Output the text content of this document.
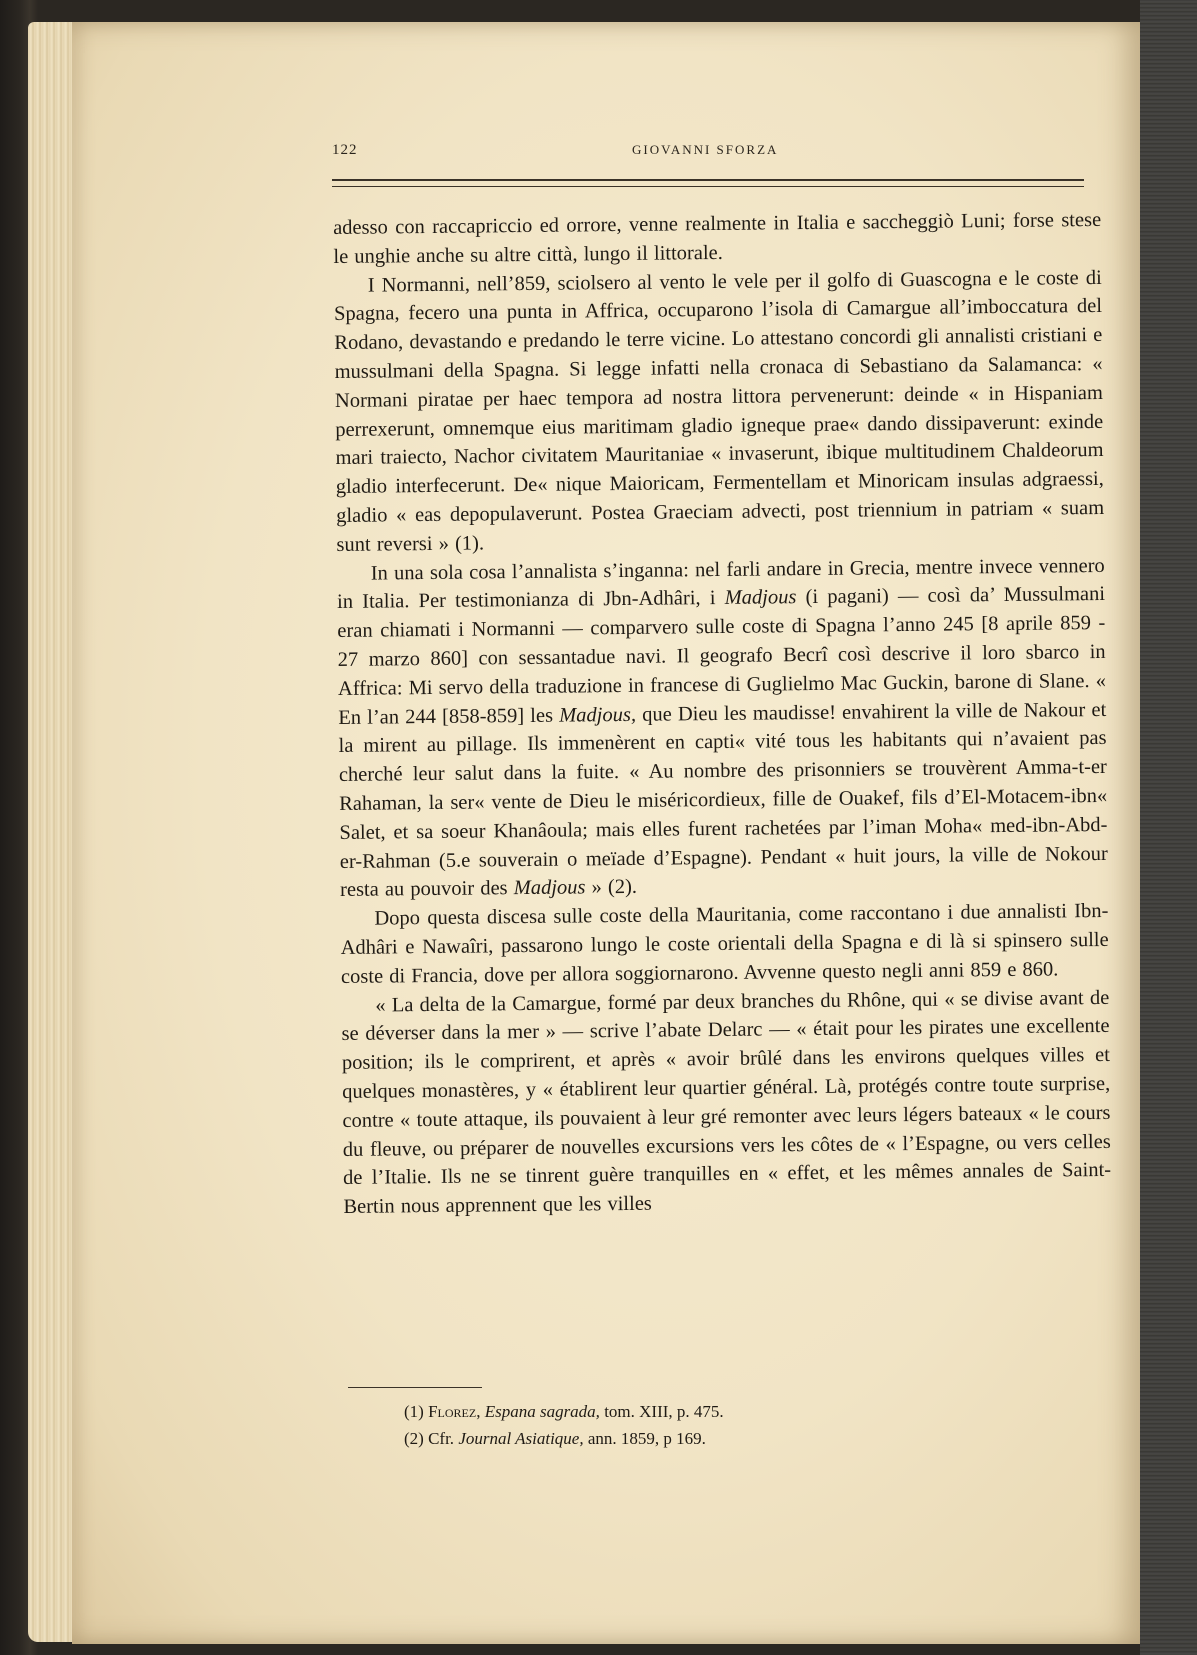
122	GIOVANNI SFORZA

adesso con raccapriccio ed orrore, venne realmente in Italia e saccheggiò Luni; forse stese le unghie anche su altre città, lungo il littorale.

I Normanni, nell’859, sciolsero al vento le vele per il golfo di Guascogna e le coste di Spagna, fecero una punta in Affrica, occuparono l’isola di Camargue all’imboccatura del Rodano, devastando e predando le terre vicine. Lo attestano concordi gli annalisti cristiani e mussulmani della Spagna. Si legge infatti nella cronaca di Sebastiano da Salamanca: « Normani piratae per haec tempora ad nostra littora pervenerunt: deinde « in Hispaniam perrexerunt, omnemque eius maritimam gladio igneque prae« dando dissipaverunt: exinde mari traiecto, Nachor civitatem Mauritaniae « invaserunt, ibique multitudinem Chaldeorum gladio interfecerunt. De« nique Maioricam, Fermentellam et Minoricam insulas adgraessi, gladio « eas depopulaverunt. Postea Graeciam advecti, post triennium in patriam « suam sunt reversi » (1).

In una sola cosa l’annalista s’inganna: nel farli andare in Grecia, mentre invece vennero in Italia. Per testimonianza di Jbn-Adhâri, i Madjous (i pagani) — così da’ Mussulmani eran chiamati i Normanni — comparvero sulle coste di Spagna l’anno 245 [8 aprile 859 - 27 marzo 860] con sessantadue navi. Il geografo Becrî così descrive il loro sbarco in Affrica: Mi servo della traduzione in francese di Guglielmo Mac Guckin, barone di Slane. « En l’an 244 [858-859] les Madjous, que Dieu les maudisse! envahirent la ville de Nakour et la mirent au pillage. Ils immenèrent en capti« vité tous les habitants qui n’avaient pas cherché leur salut dans la fuite. « Au nombre des prisonniers se trouvèrent Amma-t-er Rahaman, la ser« vente de Dieu le miséricordieux, fille de Ouakef, fils d’El-Motacem-ibn« Salet, et sa soeur Khanâoula; mais elles furent rachetées par l’iman Moha« med-ibn-Abd-er-Rahman (5.e souverain o meïade d’Espagne). Pendant « huit jours, la ville de Nokour resta au pouvoir des Madjous » (2).

Dopo questa discesa sulle coste della Mauritania, come raccontano i due annalisti Ibn-Adhâri e Nawaîri, passarono lungo le coste orientali della Spagna e di là si spinsero sulle coste di Francia, dove per allora soggiornarono. Avvenne questo negli anni 859 e 860.

« La delta de la Camargue, formé par deux branches du Rhône, qui « se divise avant de se déverser dans la mer » — scrive l’abate Delarc — « était pour les pirates une excellente position; ils le comprirent, et après « avoir brûlé dans les environs quelques villes et quelques monastères, y « établirent leur quartier général. Là, protégés contre toute surprise, contre « toute attaque, ils pouvaient à leur gré remonter avec leurs légers bateaux « le cours du fleuve, ou préparer de nouvelles excursions vers les côtes de « l’Espagne, ou vers celles de l’Italie. Ils ne se tinrent guère tranquilles en « effet, et les mêmes annales de Saint-Bertin nous apprennent que les villes

(1) Florez, Espana sagrada, tom. XIII, p. 475.

(2) Cfr. Journal Asiatique, ann. 1859, p 169.
